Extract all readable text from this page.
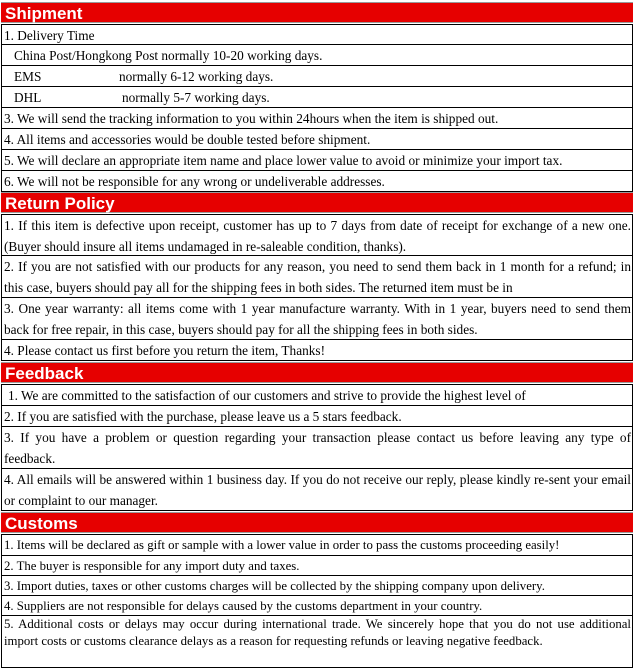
Shipment
1. Delivery Time
China Post/Hongkong Post normally 10-20 working days.
EMS	normally 6-12 working days.
DHL	normally 5-7 working days.
3. We will send the tracking information to you within 24hours when the item is shipped out.
4. All items and accessories would be double tested before shipment.
5. We will declare an appropriate item name and place lower value to avoid or minimize your import tax.
6. We will not be responsible for any wrong or undeliverable addresses.
Return Policy
1. If this item is defective upon receipt, customer has up to 7 days from date of receipt for exchange of a new one. (Buyer should insure all items undamaged in re-saleable condition, thanks).
2. If you are not satisfied with our products for any reason, you need to send them back in 1 month for a refund; in this case, buyers should pay all for the shipping fees in both sides. The returned item must be in
3. One year warranty: all items come with 1 year manufacture warranty. With in 1 year, buyers need to send them back for free repair, in this case, buyers should pay for all the shipping fees in both sides.
4. Please contact us first before you return the item, Thanks!
Feedback
1. We are committed to the satisfaction of our customers and strive to provide the highest level of
2. If you are satisfied with the purchase, please leave us a 5 stars feedback.
3. If you have a problem or question regarding your transaction please contact us before leaving any type of feedback.
4. All emails will be answered within 1 business day. If you do not receive our reply, please kindly re-sent your email or complaint to our manager.
Customs
1. Items will be declared as gift or sample with a lower value in order to pass the customs proceeding easily!
2. The buyer is responsible for any import duty and taxes.
3. Import duties, taxes or other customs charges will be collected by the shipping company upon delivery.
4. Suppliers are not responsible for delays caused by the customs department in your country.
5. Additional costs or delays may occur during international trade. We sincerely hope that you do not use additional import costs or customs clearance delays as a reason for requesting refunds or leaving negative feedback.
